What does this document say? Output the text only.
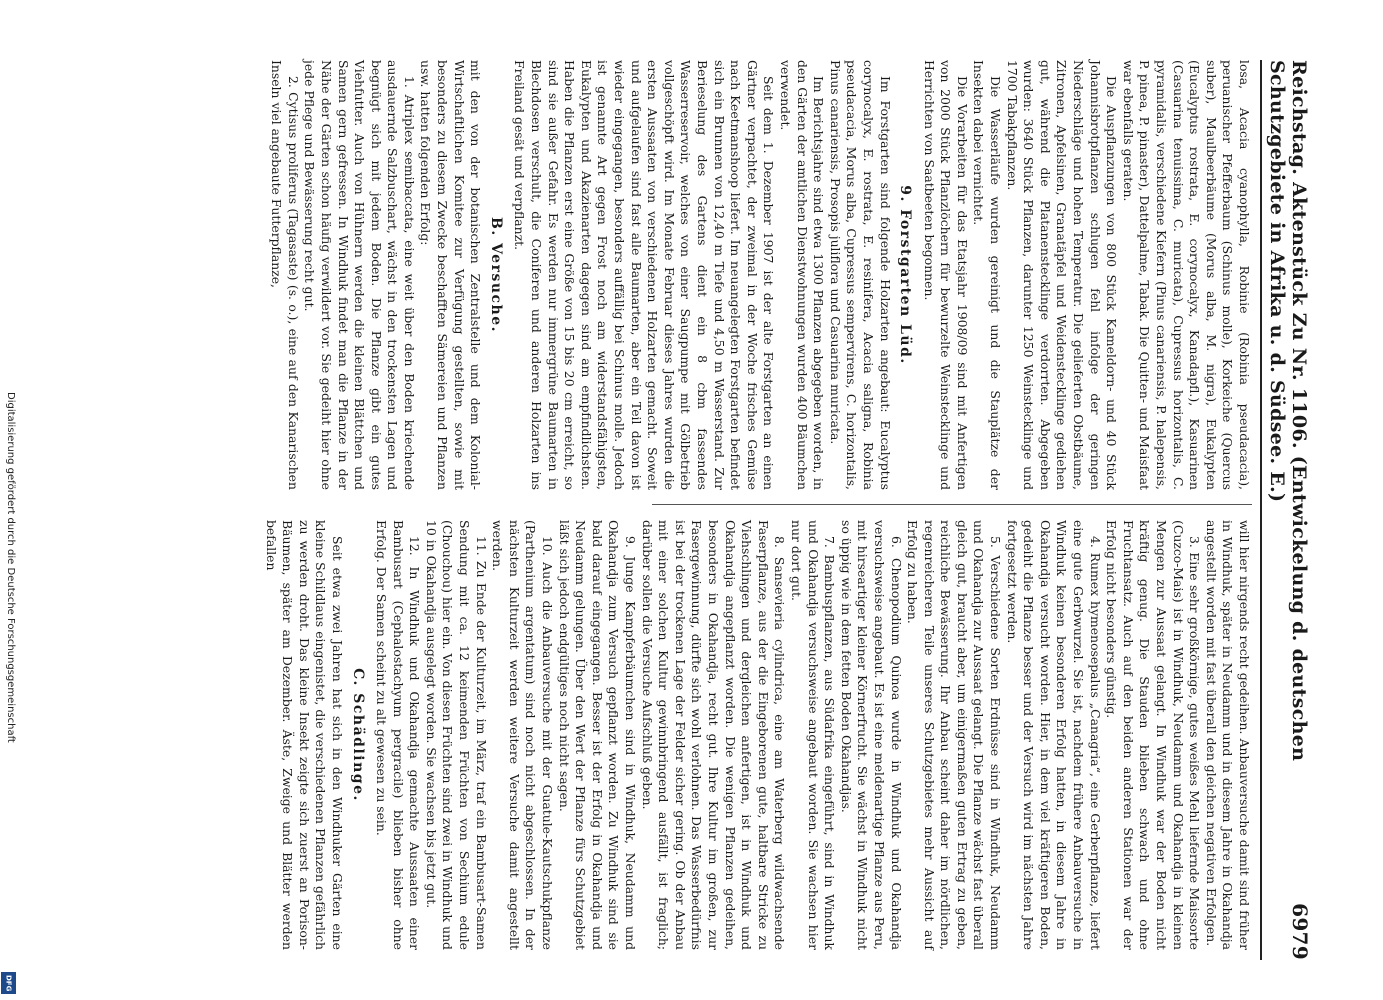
Reichstag. Aktenstück Zu Nr. 1106. (Entwickelung d. deutschen Schutzgebiete in Afrika u. d. Südsee. E.)
6979

losa, Acacia cyanophylla, Robinie (Robinia pseudacacia), peruanischer Pfefferbaum (Schinus molle), Korkeiche (Quercus suber), Maulbeerbäume (Morus alba, M. nigra), Eukalypten (Eucalyptus rostrata, E. corynocalyx, Kanadapfl.), Kasuarinen (Casuarina tenuissima, C. muricata), Cupressus horizontalis, C. pyramidalis, verschiedene Kiefern (Pinus canariensis, P. halepensis, P. pinea, P. pinaster), Dattelpalme, Tabak. Die Quitten- und Maisfaat war ebenfalls geraten.

Die Auspflanzungen von 800 Stück Kameldorn- und 40 Stück Johannisbrotpflanzen schlugen fehl infolge der geringen Niederschläge und hohen Temperatur. Die gelieferten Obstbäume, Zitronen, Apfelsinen, Granatäpfel und Weidenstecklinge gediehen gut, während die Platanenstecklinge verdorrten. Abgegeben wurden: 3640 Stück Pflanzen, darunter 1250 Weinstecklinge und 1700 Tabakpflanzen.

Die Wasserläufe wurden gereinigt und die Stauplätze der Insekten dabei vernichtet.

Die Vorarbeiten für das Etatsjahr 1908/09 sind mit Anfertigen von 2000 Stück Pflanzlöchern für bewurzelte Weinstecklinge und Herrichten von Saatbeeten begonnen.

9. Forstgarten Lüd.

Im Forstgarten sind folgende Holzarten angebaut: Eucalyptus corynocalyx, E. rostrata, E. resinifera, Acacia saligna, Robinia pseudacacia, Morus alba, Cupressus sempervirens, C. horizontalis, Pinus canariensis, Prosopis juliflora und Casuarina muricata.

Im Berichtsjahre sind etwa 1300 Pflanzen abgegeben worden, in den Gärten der amtlichen Dienstwohnungen wurden 400 Bäumchen verwendet.

Seit dem 1. Dezember 1907 ist der alte Forstgarten an einen Gärtner verpachtet, der zweimal in der Woche frisches Gemüse nach Keetmanshoop liefert. Im neuangelegten Forstgarten befindet sich ein Brunnen von 12,40 m Tiefe und 4,50 m Wasserstand. Zur Berieselung des Gartens dient ein 8 cbm fassendes Wasserreservoir, welches von einer Saugpumpe mit Gölbetrieb vollgeschöpft wird. Im Monate Februar dieses Jahres wurden die ersten Aussaaten von verschiedenen Holzarten gemacht. Soweit und aufgelaufen sind fast alle Baumarten, aber ein Teil davon ist wieder eingegangen, besonders auffällig bei Schinus molle. Jedoch ist genannte Art gegen Frost noch am widerstandsfähigsten, Eukalypten und Akazienarten dagegen sind am empfindlichsten. Haben die Pflanzen erst eine Größe von 15 bis 20 cm erreicht, so sind sie außer Gefahr. Es werden nur immergrüne Baumarten in Blechdosen verschult, die Coniferen und anderen Holzarten ins Freiland gesät und verpflanzt.

B. Versuche.

mit den von der botanischen Zentralstelle und dem Kolonial-Wirtschaftlichen Komitee zur Verfügung gestellten, sowie mit besonders zu diesem Zwecke beschafften Sämereien und Pflanzen usw. hatten folgenden Erfolg:

1. Atriplex semibaccata, eine weit über den Boden kriechende ausdauernde Salzbuschart, wächst in den trockensten Lagen und begnügt sich mit jedem Boden. Die Pflanze gibt ein gutes Viehfutter. Auch von Hühnern werden die kleinen Blättchen und Samen gern gefressen. In Windhuk findet man die Pflanze in der Nähe der Gärten schon häufig verwildert vor. Sie gedeiht hier ohne jede Pflege und Bewässerung recht gut.

2. Cytisus proliferus (Tagasaste) (s. o.), eine auf den Kanarischen Inseln viel angebaute Futterpflanze,

will hier nirgends recht gedeihen. Anbauversuche damit sind früher in Windhuk, später in Neudamm und in diesem Jahre in Okahandja angestellt worden mit fast überall den gleichen negativen Erfolgen.

3. Eine sehr großkörnige, gutes weißes Mehl liefernde Maissorte (Cuzco-Mais) ist in Windhuk, Neudamm und Okahandja in kleinen Mengen zur Aussaat gelangt. In Windhuk war der Boden nicht kräftig genug. Die Stauden blieben schwach und ohne Fruchtansatz. Auch auf den beiden anderen Stationen war der Erfolg nicht besonders günstig.

4. Rumex hymenosepalus „Canagria“, eine Gerberpflanze, liefert eine gute Gerbwurzel. Sie ist, nachdem frühere Anbauversuche in Windhuk keinen besonderen Erfolg hatten, in diesem Jahre in Okahandja versucht worden. Hier, in dem viel kräftigeren Boden, gedeiht die Pflanze besser und der Versuch wird im nächsten Jahre fortgesetzt werden.

5. Verschiedene Sorten Erdnüsse sind in Windhuk, Neudamm und Okahandja zur Aussaat gelangt. Die Pflanze wächst fast überall gleich gut, braucht aber, um einigermaßen guten Ertrag zu geben, reichliche Bewässerung. Ihr Anbau scheint daher im nördlichen, regenreicheren Teile unseres Schutzgebietes mehr Aussicht auf Erfolg zu haben.

6. Chenopodium Quinoa wurde in Windhuk und Okahandja versuchsweise angebaut. Es ist eine meldenartige Pflanze aus Peru, mit hirseartiger kleiner Körnerfrucht. Sie wächst in Windhuk nicht so üppig wie in dem fetten Boden Okahandjas.

7. Bambuspflanzen, aus Südafrika eingeführt, sind in Windhuk und Okahandja versuchsweise angebaut worden. Sie wachsen hier nur dort gut.

8. Sansevieria cylindrica, eine am Waterberg wildwachsende Faserpflanze, aus der die Eingeborenen gute, haltbare Stricke zu Viehschlingen und dergleichen anfertigen, ist in Windhuk und Okahandja angepflanzt worden. Die wenigen Pflanzen gedeihen, besonders in Okahandja, recht gut. Ihre Kultur im großen, zur Fasergewinnung, dürfte sich wohl verlohnen. Das Wasserbedürfnis ist bei der trockenen Lage der Felder sicher gering. Ob der Anbau mit einer solchen Kultur gewinnbringend ausfällt, ist fraglich; darüber sollen die Versuche Aufschluß geben.

9. Junge Kampferbäumchen sind in Windhuk, Neudamm und Okahandja zum Versuch gepflanzt worden. Zu Windhuk sind sie bald darauf eingegangen. Besser ist der Erfolg in Okahandja und Neudamm gelungen. Über den Wert der Pflanze fürs Schutzgebiet läßt sich jedoch endgültiges noch nicht sagen.

10. Auch die Anbauversuche mit der Guatule-Kautschukpflanze (Parthenium argentatum) sind noch nicht abgeschlossen. In der nächsten Kulturzeit werden weitere Versuche damit angestellt werden.

11. Zu Ende der Kulturzeit, im März, traf ein Bambusart-Samen Sendung mit ca. 12 keimenden Früchten von Sechium edule (Chouchou) hier ein. Von diesen Früchten sind zwei in Windhuk und 10 in Okahandja ausgelegt worden. Sie wachsen bis jetzt gut.

12. In Windhuk und Okahandja gemachte Aussaaten einer Bambusart (Cephalostachyum pergracile) blieben bisher ohne Erfolg. Der Samen scheint zu alt gewesen zu sein.

C. Schädlinge.

Seit etwa zwei Jahren hat sich in den Windhuker Gärten eine kleine Schildlaus eingenistet, die verschiedenen Pflanzen gefährlich zu werden droht. Das kleine Insekt zeigte sich zuerst an Porison-Bäumen, später am Dezember. Äste, Zweige und Blätter werden befallen

Digitalisierung gefördert durch die Deutsche Forschungsgemeinschaft
DFG
